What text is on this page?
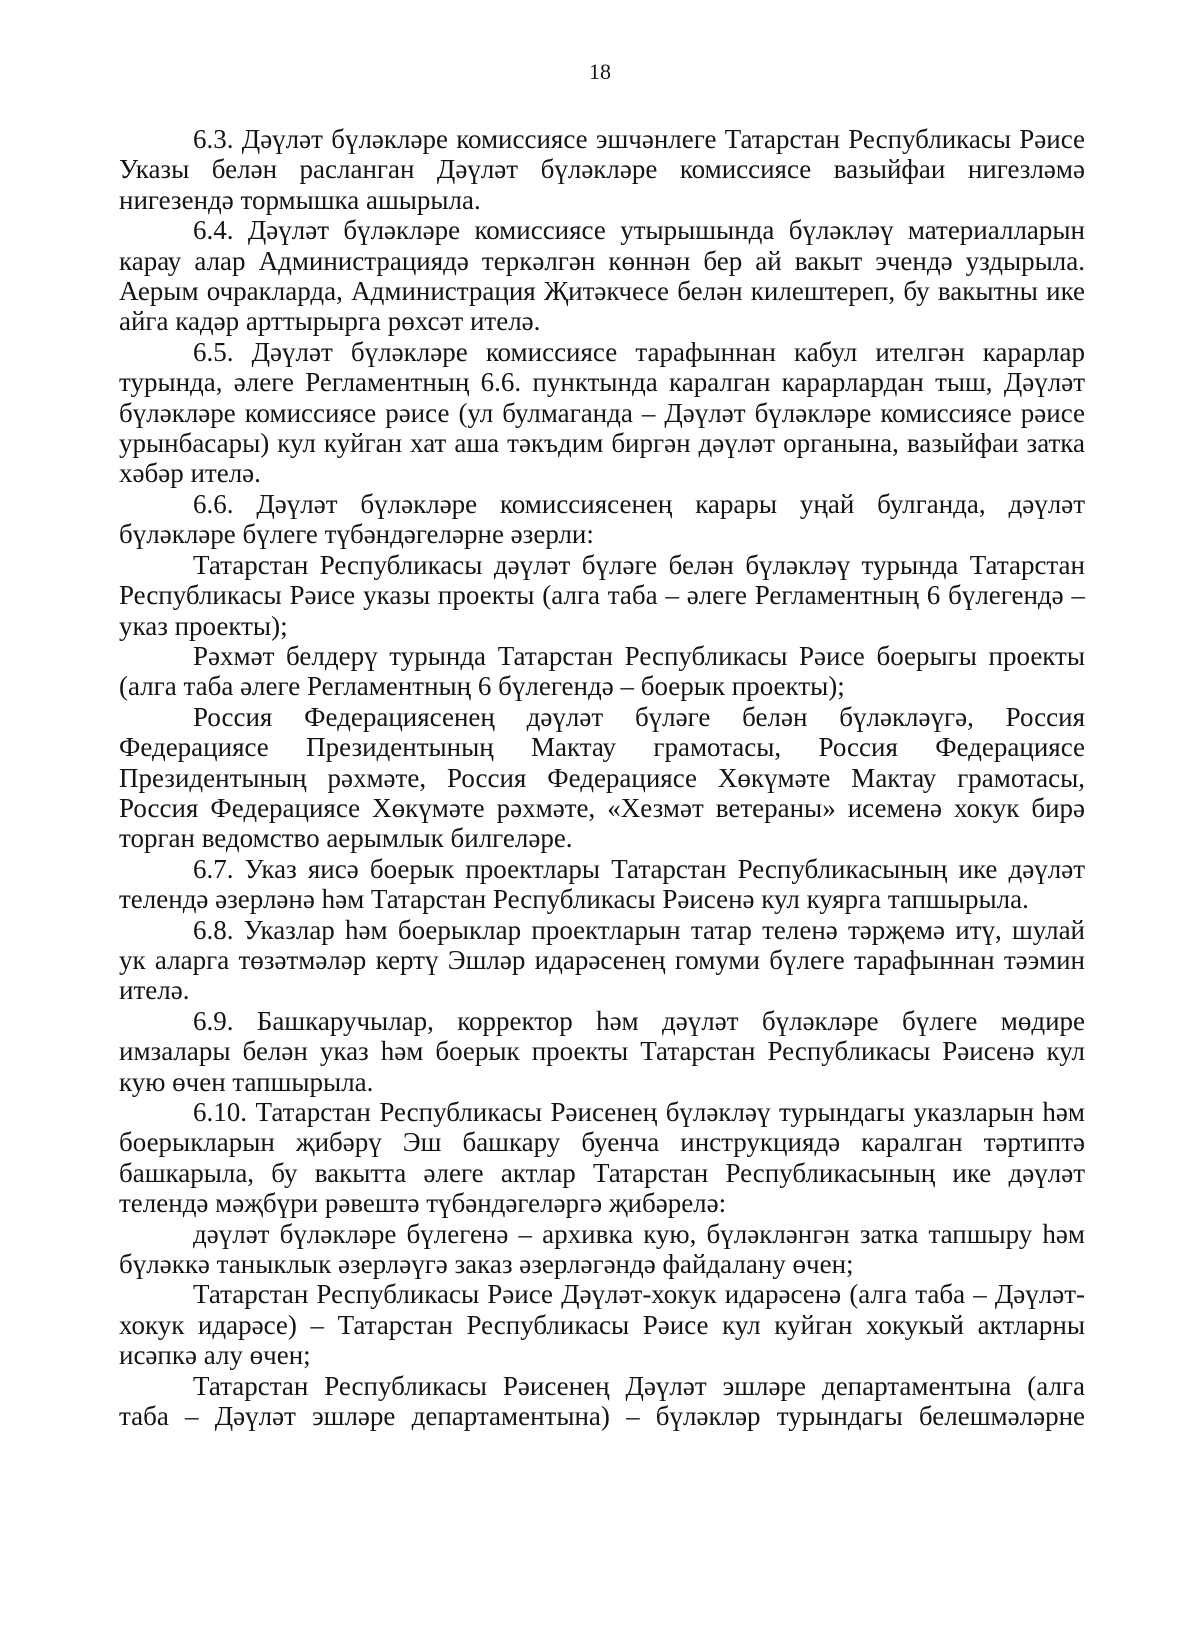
18

6.3. Дәүләт бүләкләре комиссиясе эшчәнлеге Татарстан Республикасы Рәисе Указы белән расланган Дәүләт бүләкләре комиссиясе вазыйфаи нигезләмә нигезендә тормышка ашырыла.

6.4. Дәүләт бүләкләре комиссиясе утырышында бүләкләү материалларын карау алар Администрациядә теркәлгән көннән бер ай вакыт эчендә уздырыла. Аерым очракларда, Администрация Җитәкчесе белән килештереп, бу вакытны ике айга кадәр арттырырга рөхсәт ителә.

6.5. Дәүләт бүләкләре комиссиясе тарафыннан кабул ителгән карарлар турында, әлеге Регламентның 6.6. пунктында каралган карарлардан тыш, Дәүләт бүләкләре комиссиясе рәисе (ул булмаганда – Дәүләт бүләкләре комиссиясе рәисе урынбасары) кул куйган хат аша тәкъдим биргән дәүләт органына, вазыйфаи затка хәбәр ителә.

6.6. Дәүләт бүләкләре комиссиясенең карары уңай булганда, дәүләт бүләкләре бүлеге түбәндәгеләрне әзерли:

Татарстан Республикасы дәүләт бүләге белән бүләкләү турында Татарстан Республикасы Рәисе указы проекты (алга таба – әлеге Регламентның 6 бүлегендә – указ проекты);

Рәхмәт белдерү турында Татарстан Республикасы Рәисе боерыгы проекты (алга таба әлеге Регламентның 6 бүлегендә – боерык проекты);

Россия Федерациясенең дәүләт бүләге белән бүләкләүгә, Россия Федерациясе Президентының Мактау грамотасы, Россия Федерациясе Президентының рәхмәте, Россия Федерациясе Хөкүмәте Мактау грамотасы, Россия Федерациясе Хөкүмәте рәхмәте, «Хезмәт ветераны» исеменә хокук бирә торган ведомство аерымлык билгеләре.

6.7. Указ яисә боерык проектлары Татарстан Республикасының ике дәүләт телендә әзерләнә һәм Татарстан Республикасы Рәисенә кул куярга тапшырыла.

6.8. Указлар һәм боерыклар проектларын татар теленә тәрҗемә итү, шулай ук аларга төзәтмәләр кертү Эшләр идарәсенең гомуми бүлеге тарафыннан тәэмин ителә.

6.9. Башкаручылар, корректор һәм дәүләт бүләкләре бүлеге мөдире имзалары белән указ һәм боерык проекты Татарстан Республикасы Рәисенә кул кую өчен тапшырыла.

6.10. Татарстан Республикасы Рәисенең бүләкләү турындагы указларын һәм боерыкларын җибәрү Эш башкару буенча инструкциядә каралган тәртиптә башкарыла, бу вакытта әлеге актлар Татарстан Республикасының ике дәүләт телендә мәҗбүри рәвештә түбәндәгеләргә җибәрелә:

дәүләт бүләкләре бүлегенә – архивка кую, бүләкләнгән затка тапшыру һәм бүләккә таныклык әзерләүгә заказ әзерләгәндә файдалану өчен;

Татарстан Республикасы Рәисе Дәүләт-хокук идарәсенә (алга таба – Дәүләт-хокук идарәсе) – Татарстан Республикасы Рәисе кул куйган хокукый актларны исәпкә алу өчен;

Татарстан Республикасы Рәисенең Дәүләт эшләре департаментына (алга таба – Дәүләт эшләре департаментына) – бүләкләр турындагы белешмәләрне
